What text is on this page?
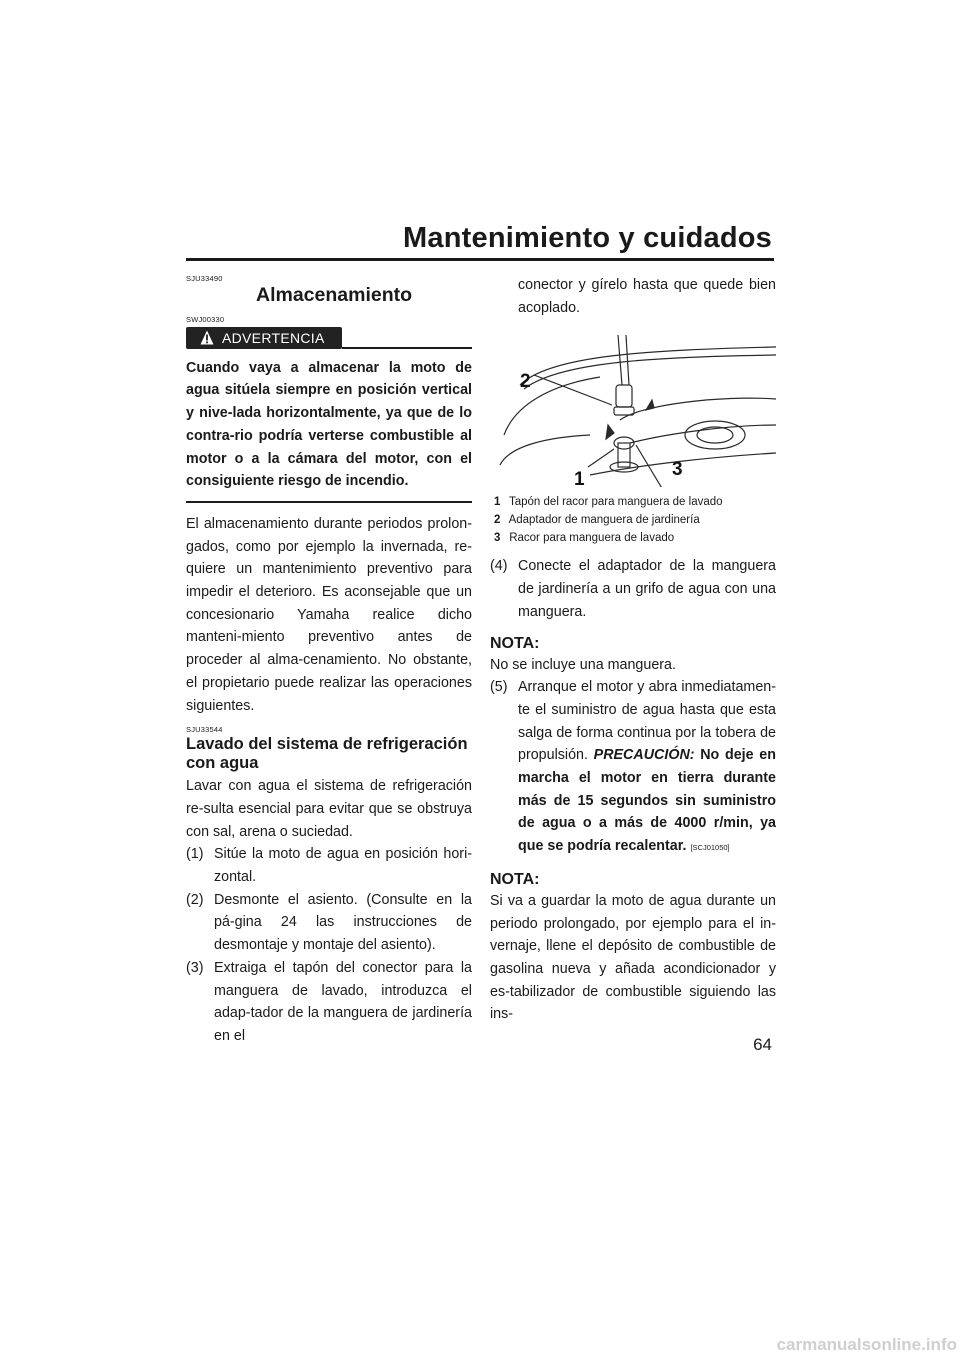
Mantenimiento y cuidados
SJU33490
Almacenamiento
SWJ00330
ADVERTENCIA

Cuando vaya a almacenar la moto de agua sitúela siempre en posición vertical y nive-lada horizontalmente, ya que de lo contra-rio podría verterse combustible al motor o a la cámara del motor, con el consiguiente riesgo de incendio.

El almacenamiento durante periodos prolon-gados, como por ejemplo la invernada, re-quiere un mantenimiento preventivo para impedir el deterioro. Es aconsejable que un concesionario Yamaha realice dicho manteni-miento preventivo antes de proceder al alma-cenamiento. No obstante, el propietario puede realizar las operaciones siguientes.

SJU33544
Lavado del sistema de refrigeración con agua

Lavar con agua el sistema de refrigeración re-sulta esencial para evitar que se obstruya con sal, arena o suciedad.

(1) Sitúe la moto de agua en posición hori-zontal.
(2) Desmonte el asiento. (Consulte en la pá-gina 24 las instrucciones de desmontaje y montaje del asiento).
(3) Extraiga el tapón del conector para la manguera de lavado, introduzca el adap-tador de la manguera de jardinería en el
conector y gírelo hasta que quede bien acoplado.
2
1	3
1 Tapón del racor para manguera de lavado
2 Adaptador de manguera de jardinería
3 Racor para manguera de lavado
(4) Conecte el adaptador de la manguera de jardinería a un grifo de agua con una manguera.
NOTA:

No se incluye una manguera.

(5) Arranque el motor y abra inmediatamen-te el suministro de agua hasta que esta salga de forma continua por la tobera de propulsión. PRECAUCIÓN: No deje en marcha el motor en tierra durante más de 15 segundos sin suministro de agua o a más de 4000 r/min, ya que se podría recalentar. [SCJ01050]
NOTA:

Si va a guardar la moto de agua durante un periodo prolongado, por ejemplo para el in-vernaje, llene el depósito de combustible de gasolina nueva y añada acondicionador y es-tabilizador de combustible siguiendo las ins-

64
carmanualsonline.info
